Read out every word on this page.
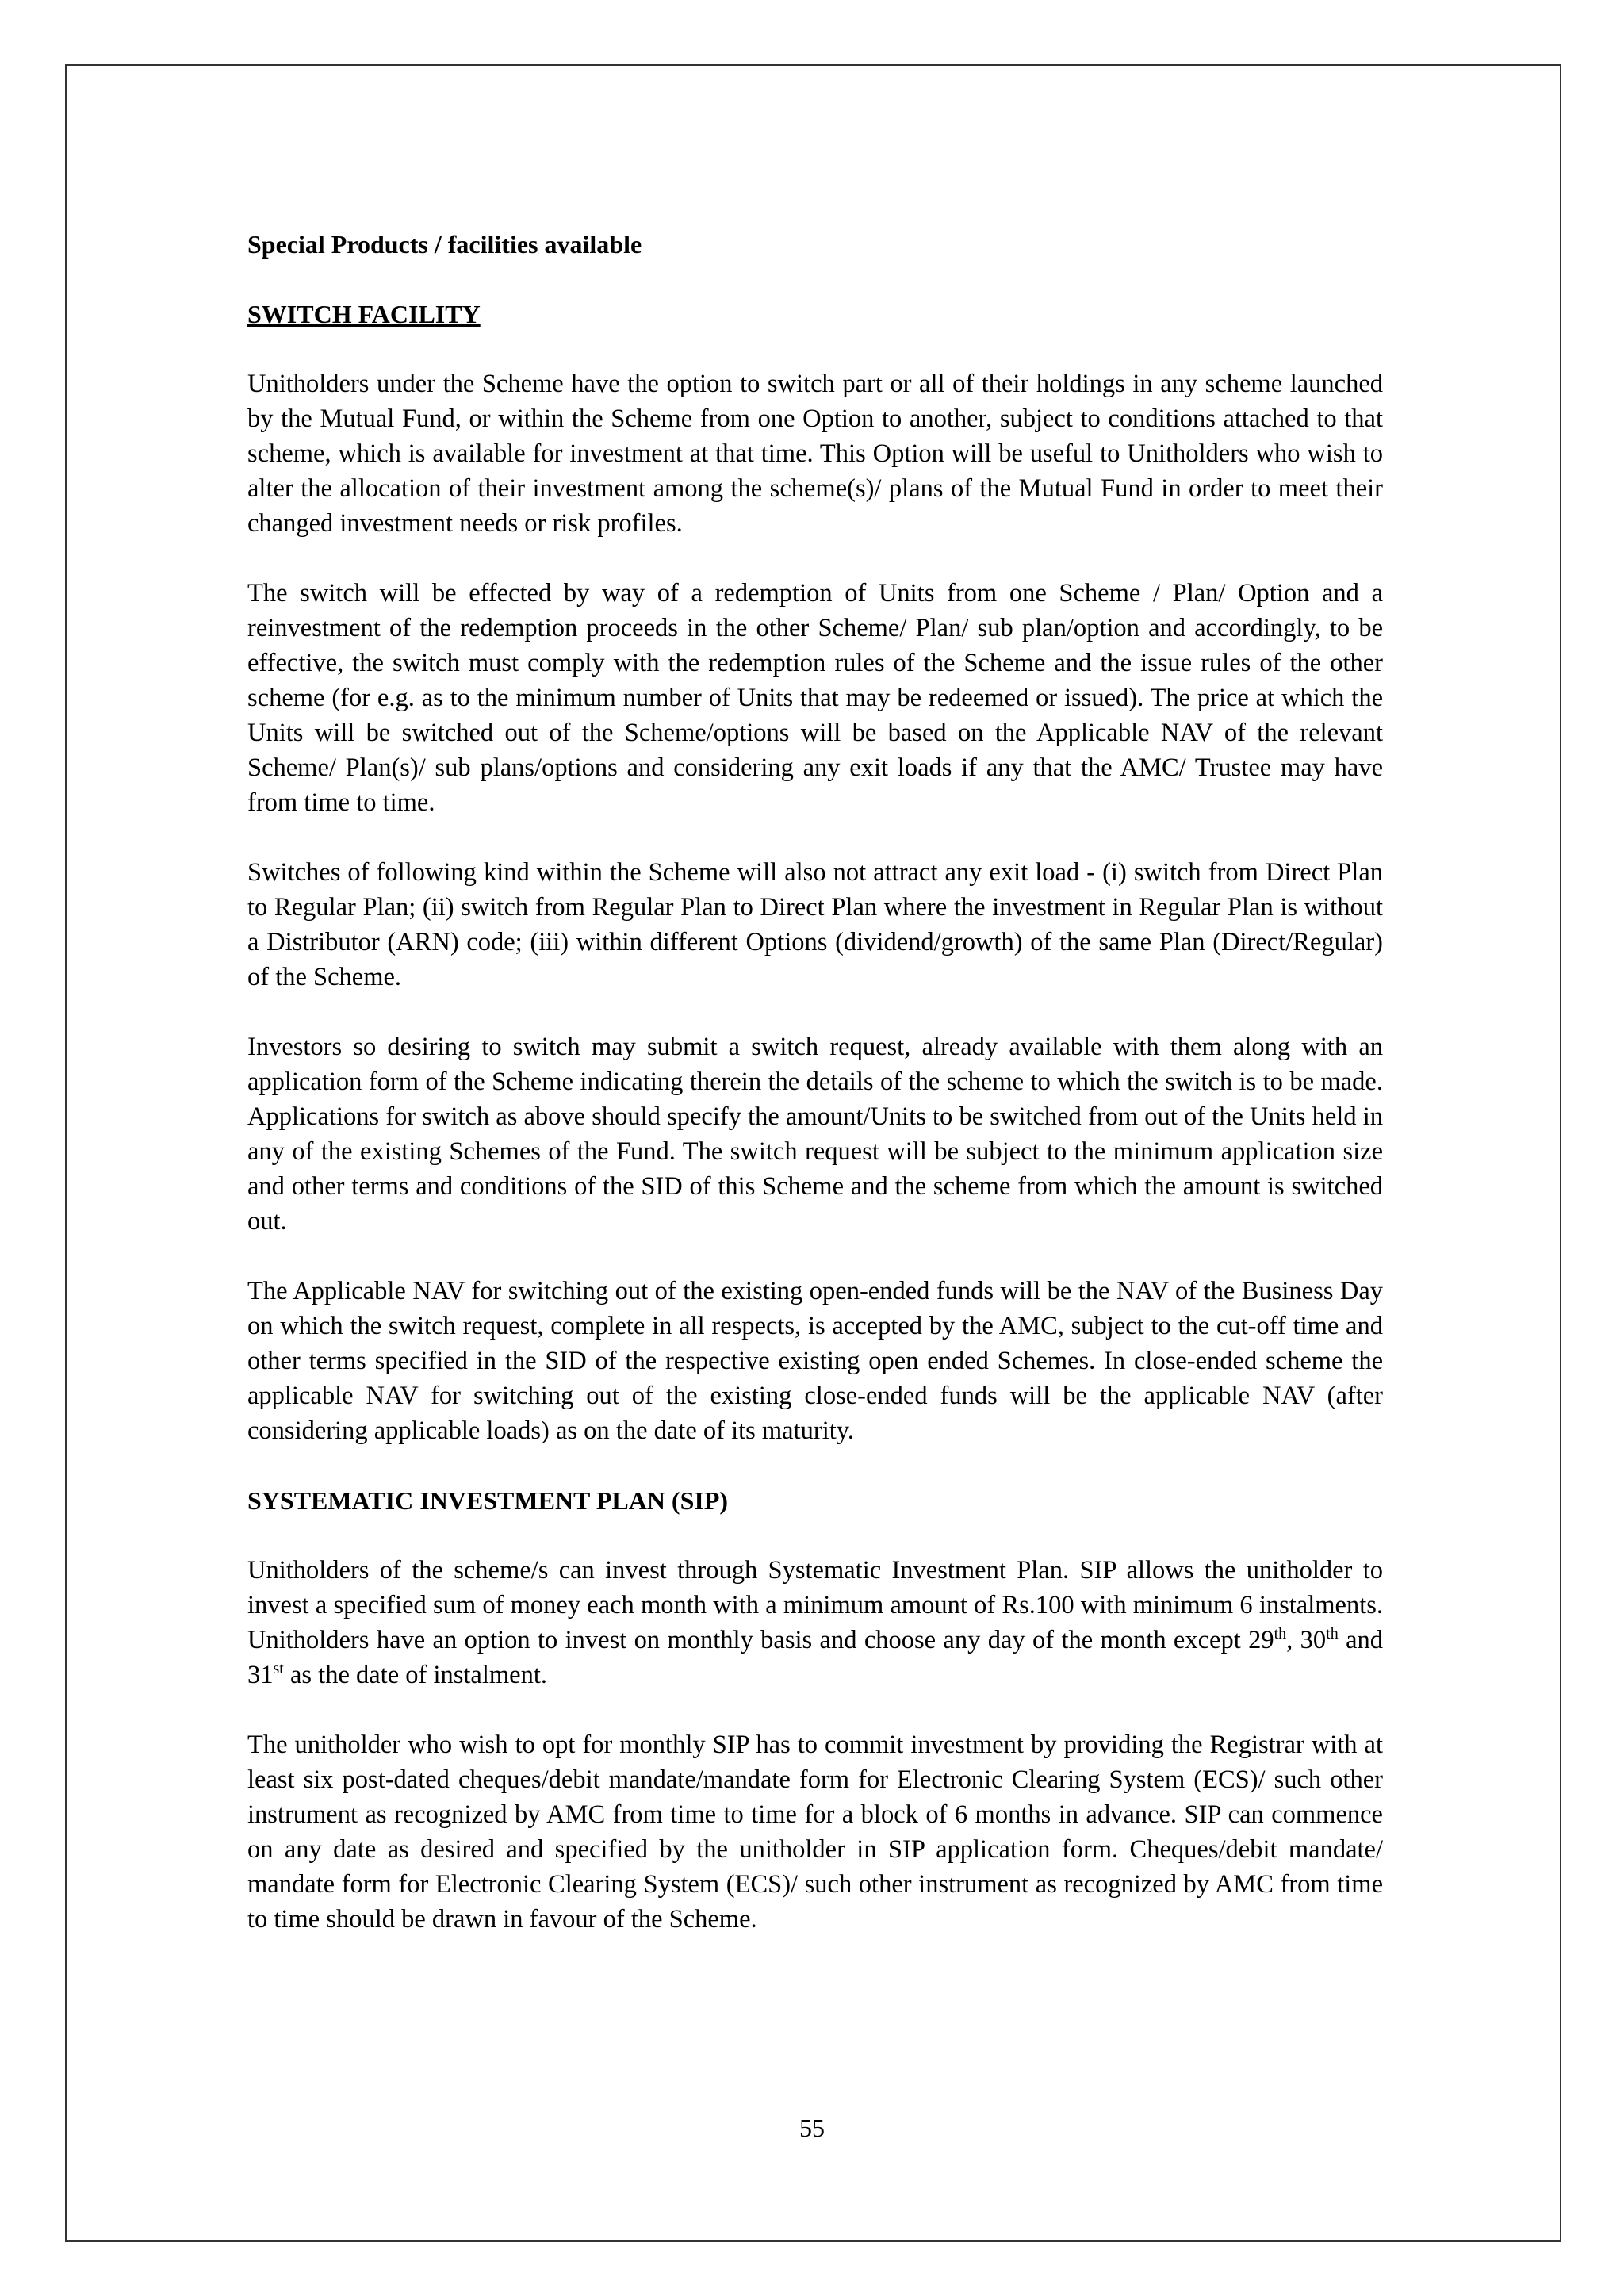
Special Products / facilities available
SWITCH FACILITY

Unitholders under the Scheme have the option to switch part or all of their holdings in any scheme launched by the Mutual Fund, or within the Scheme from one Option to another, subject to conditions attached to that scheme, which is available for investment at that time. This Option will be useful to Unitholders who wish to alter the allocation of their investment among the scheme(s)/ plans of the Mutual Fund in order to meet their changed investment needs or risk profiles.

The switch will be effected by way of a redemption of Units from one Scheme / Plan/ Option and a reinvestment of the redemption proceeds in the other Scheme/ Plan/ sub plan/option and accordingly, to be effective, the switch must comply with the redemption rules of the Scheme and the issue rules of the other scheme (for e.g. as to the minimum number of Units that may be redeemed or issued). The price at which the Units will be switched out of the Scheme/options will be based on the Applicable NAV of the relevant Scheme/ Plan(s)/ sub plans/options and considering any exit loads if any that the AMC/ Trustee may have from time to time.

Switches of following kind within the Scheme will also not attract any exit load - (i) switch from Direct Plan to Regular Plan; (ii) switch from Regular Plan to Direct Plan where the investment in Regular Plan is without a Distributor (ARN) code; (iii) within different Options (dividend/growth) of the same Plan (Direct/Regular) of the Scheme.

Investors so desiring to switch may submit a switch request, already available with them along with an application form of the Scheme indicating therein the details of the scheme to which the switch is to be made. Applications for switch as above should specify the amount/Units to be switched from out of the Units held in any of the existing Schemes of the Fund. The switch request will be subject to the minimum application size and other terms and conditions of the SID of this Scheme and the scheme from which the amount is switched out.

The Applicable NAV for switching out of the existing open-ended funds will be the NAV of the Business Day on which the switch request, complete in all respects, is accepted by the AMC, subject to the cut-off time and other terms specified in the SID of the respective existing open ended Schemes. In close-ended scheme the applicable NAV for switching out of the existing close-ended funds will be the applicable NAV (after considering applicable loads) as on the date of its maturity.

SYSTEMATIC INVESTMENT PLAN (SIP)

Unitholders of the scheme/s can invest through Systematic Investment Plan. SIP allows the unitholder to invest a specified sum of money each month with a minimum amount of Rs.100 with minimum 6 instalments. Unitholders have an option to invest on monthly basis and choose any day of the month except 29th, 30th and 31st as the date of instalment.

The unitholder who wish to opt for monthly SIP has to commit investment by providing the Registrar with at least six post-dated cheques/debit mandate/mandate form for Electronic Clearing System (ECS)/ such other instrument as recognized by AMC from time to time for a block of 6 months in advance. SIP can commence on any date as desired and specified by the unitholder in SIP application form. Cheques/debit mandate/ mandate form for Electronic Clearing System (ECS)/ such other instrument as recognized by AMC from time to time should be drawn in favour of the Scheme.

55
